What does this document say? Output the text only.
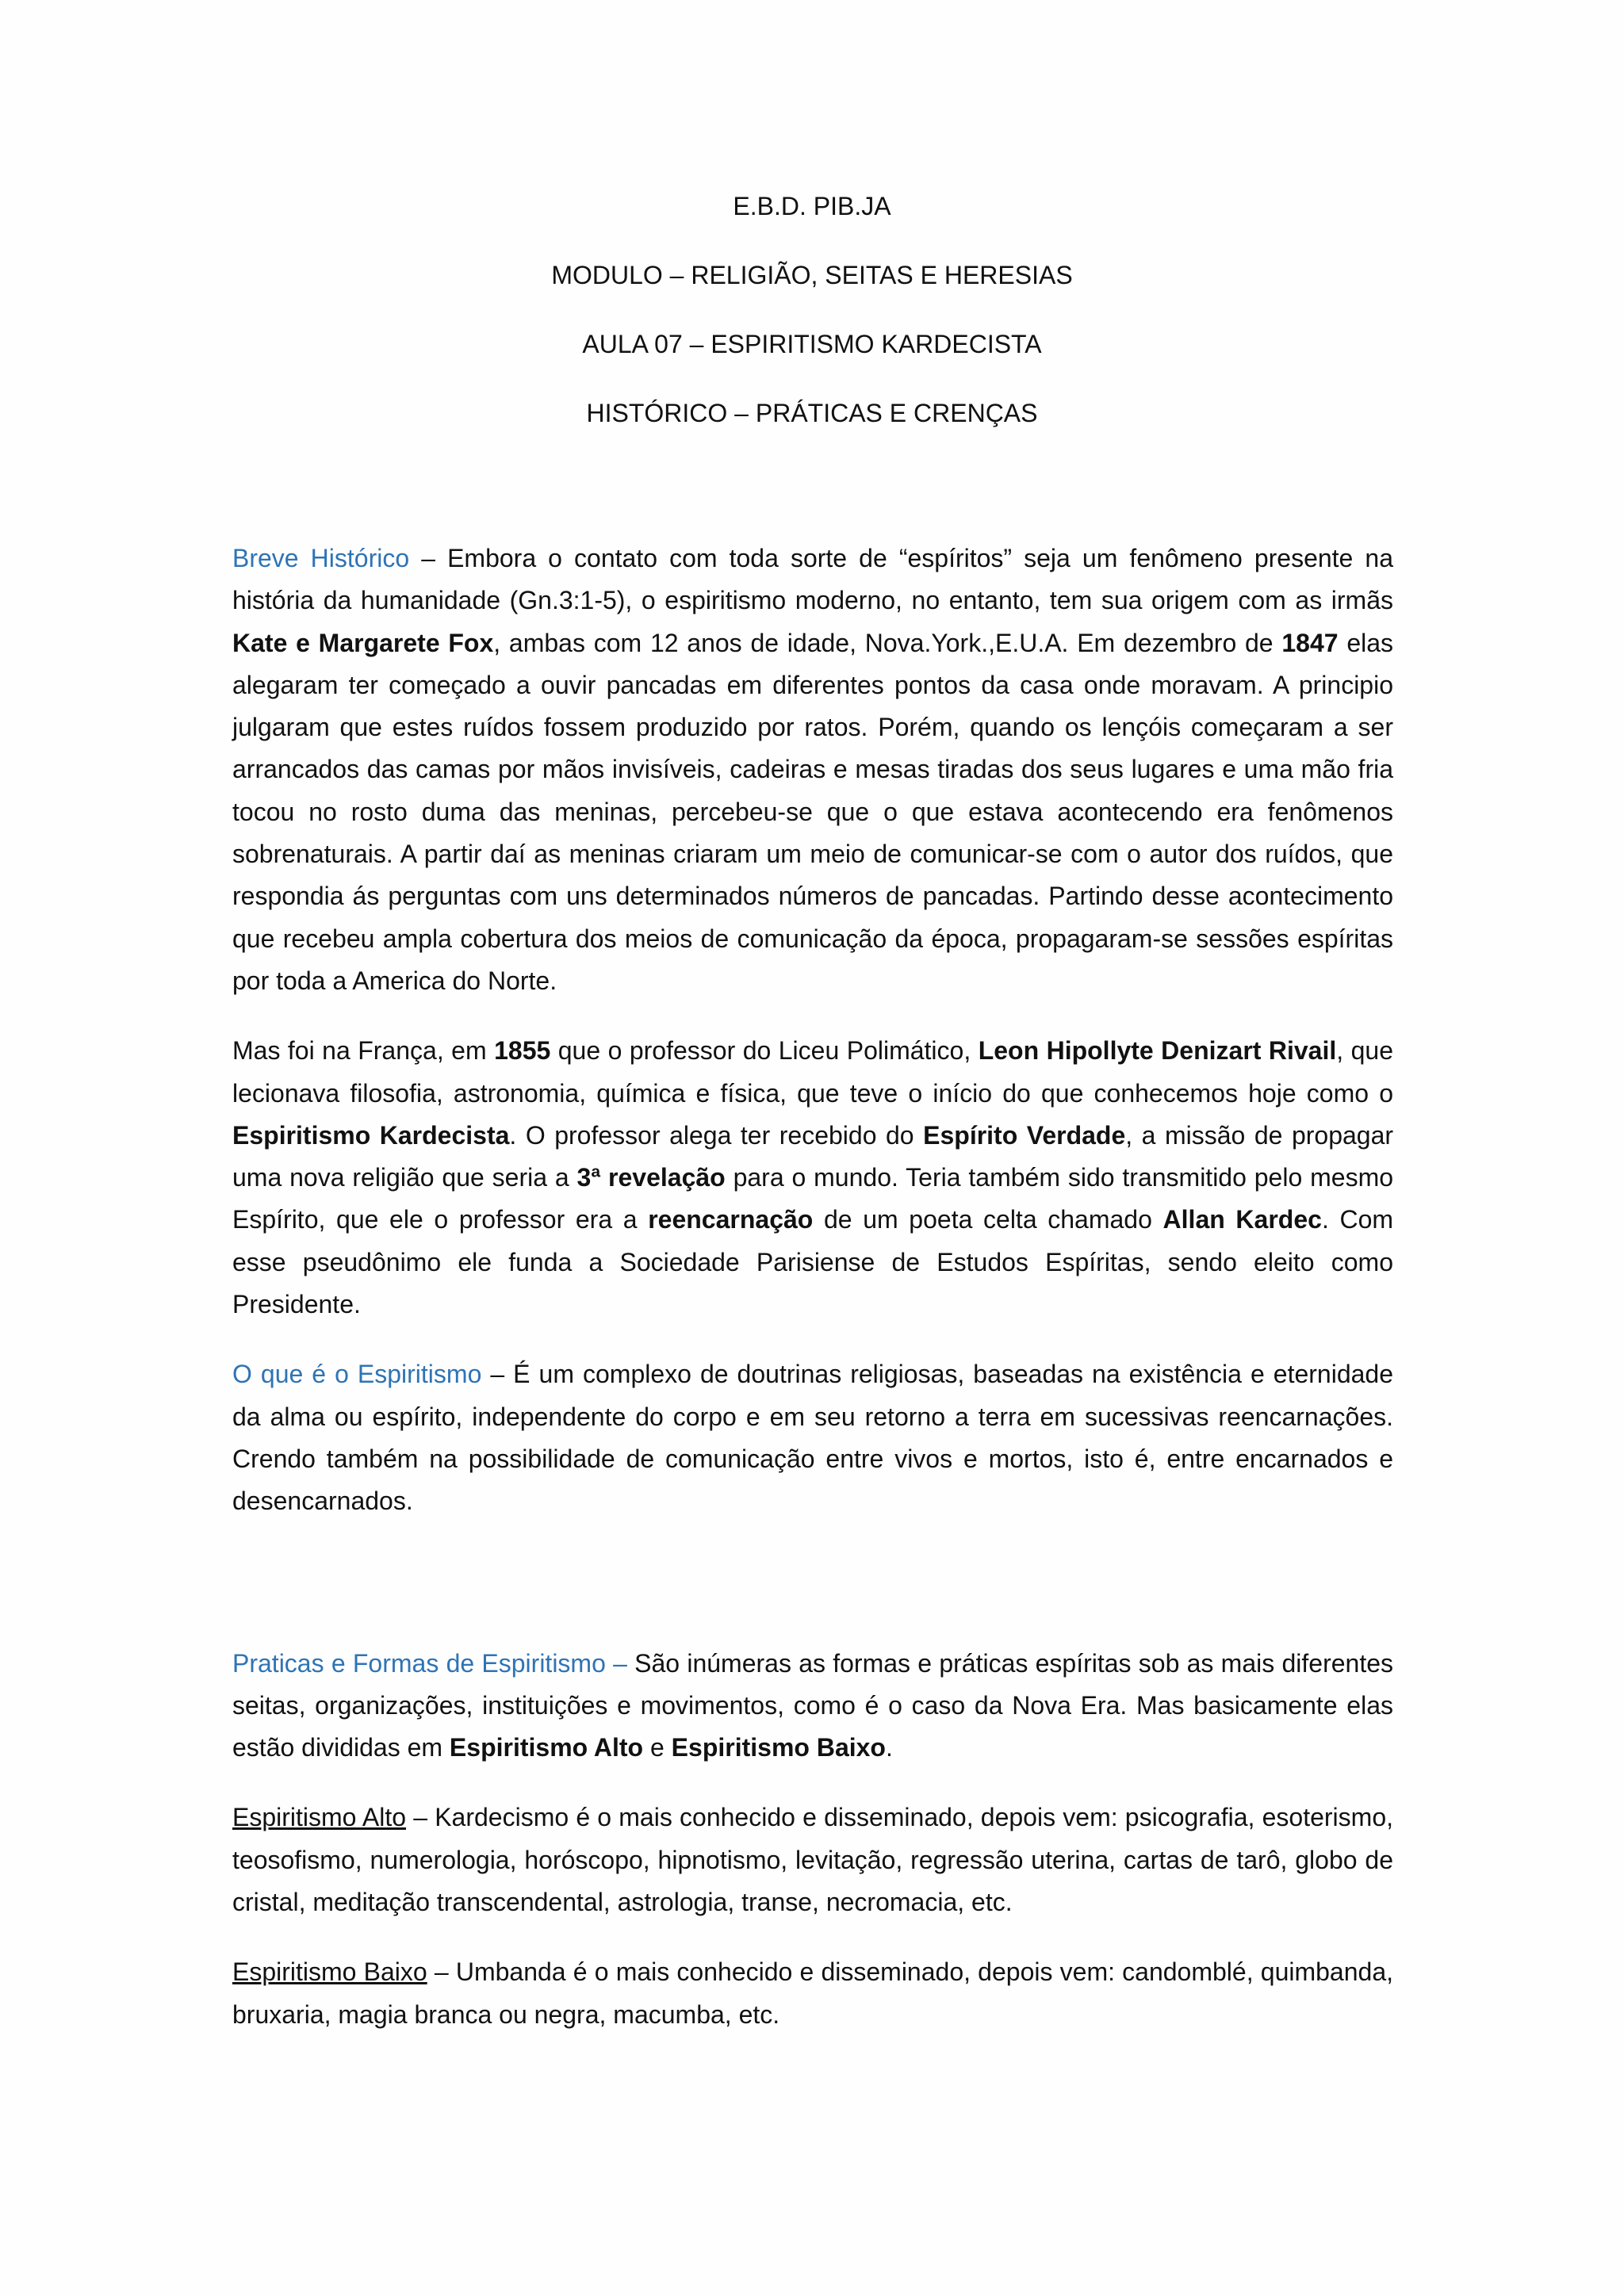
E.B.D. PIB.JA
MODULO – RELIGIÃO, SEITAS E HERESIAS
AULA 07 – ESPIRITISMO KARDECISTA
HISTÓRICO – PRÁTICAS E CRENÇAS

Breve Histórico – Embora o contato com toda sorte de “espíritos” seja um fenômeno presente na história da humanidade (Gn.3:1-5), o espiritismo moderno, no entanto, tem sua origem com as irmãs Kate e Margarete Fox, ambas com 12 anos de idade, Nova.York.,E.U.A. Em dezembro de 1847 elas alegaram ter começado a ouvir pancadas em diferentes pontos da casa onde moravam. A principio julgaram que estes ruídos fossem produzido por ratos. Porém, quando os lençóis começaram a ser arrancados das camas por mãos invisíveis, cadeiras e mesas tiradas dos seus lugares e uma mão fria tocou no rosto duma das meninas, percebeu-se que o que estava acontecendo era fenômenos sobrenaturais. A partir daí as meninas criaram um meio de comunicar-se com o autor dos ruídos, que respondia ás perguntas com uns determinados números de pancadas. Partindo desse acontecimento que recebeu ampla cobertura dos meios de comunicação da época, propagaram-se sessões espíritas por toda a America do Norte.

Mas foi na França, em 1855 que o professor do Liceu Polimático, Leon Hipollyte Denizart Rivail, que lecionava filosofia, astronomia, química e física, que teve o início do que conhecemos hoje como o Espiritismo Kardecista. O professor alega ter recebido do Espírito Verdade, a missão de propagar uma nova religião que seria a 3ª revelação para o mundo. Teria também sido transmitido pelo mesmo Espírito, que ele o professor era a reencarnação de um poeta celta chamado Allan Kardec. Com esse pseudônimo ele funda a Sociedade Parisiense de Estudos Espíritas, sendo eleito como Presidente.

O que é o Espiritismo – É um complexo de doutrinas religiosas, baseadas na existência e eternidade da alma ou espírito, independente do corpo e em seu retorno a terra em sucessivas reencarnações. Crendo também na possibilidade de comunicação entre vivos e mortos, isto é, entre encarnados e desencarnados.

Praticas e Formas de Espiritismo – São inúmeras as formas e práticas espíritas sob as mais diferentes seitas, organizações, instituições e movimentos, como é o caso da Nova Era. Mas basicamente elas estão divididas em Espiritismo Alto e Espiritismo Baixo.

Espiritismo Alto – Kardecismo é o mais conhecido e disseminado, depois vem: psicografia, esoterismo, teosofismo, numerologia, horóscopo, hipnotismo, levitação, regressão uterina, cartas de tarô, globo de cristal, meditação transcendental, astrologia, transe, necromacia, etc.

Espiritismo Baixo – Umbanda é o mais conhecido e disseminado, depois vem: candomblé, quimbanda, bruxaria, magia branca ou negra, macumba, etc.
